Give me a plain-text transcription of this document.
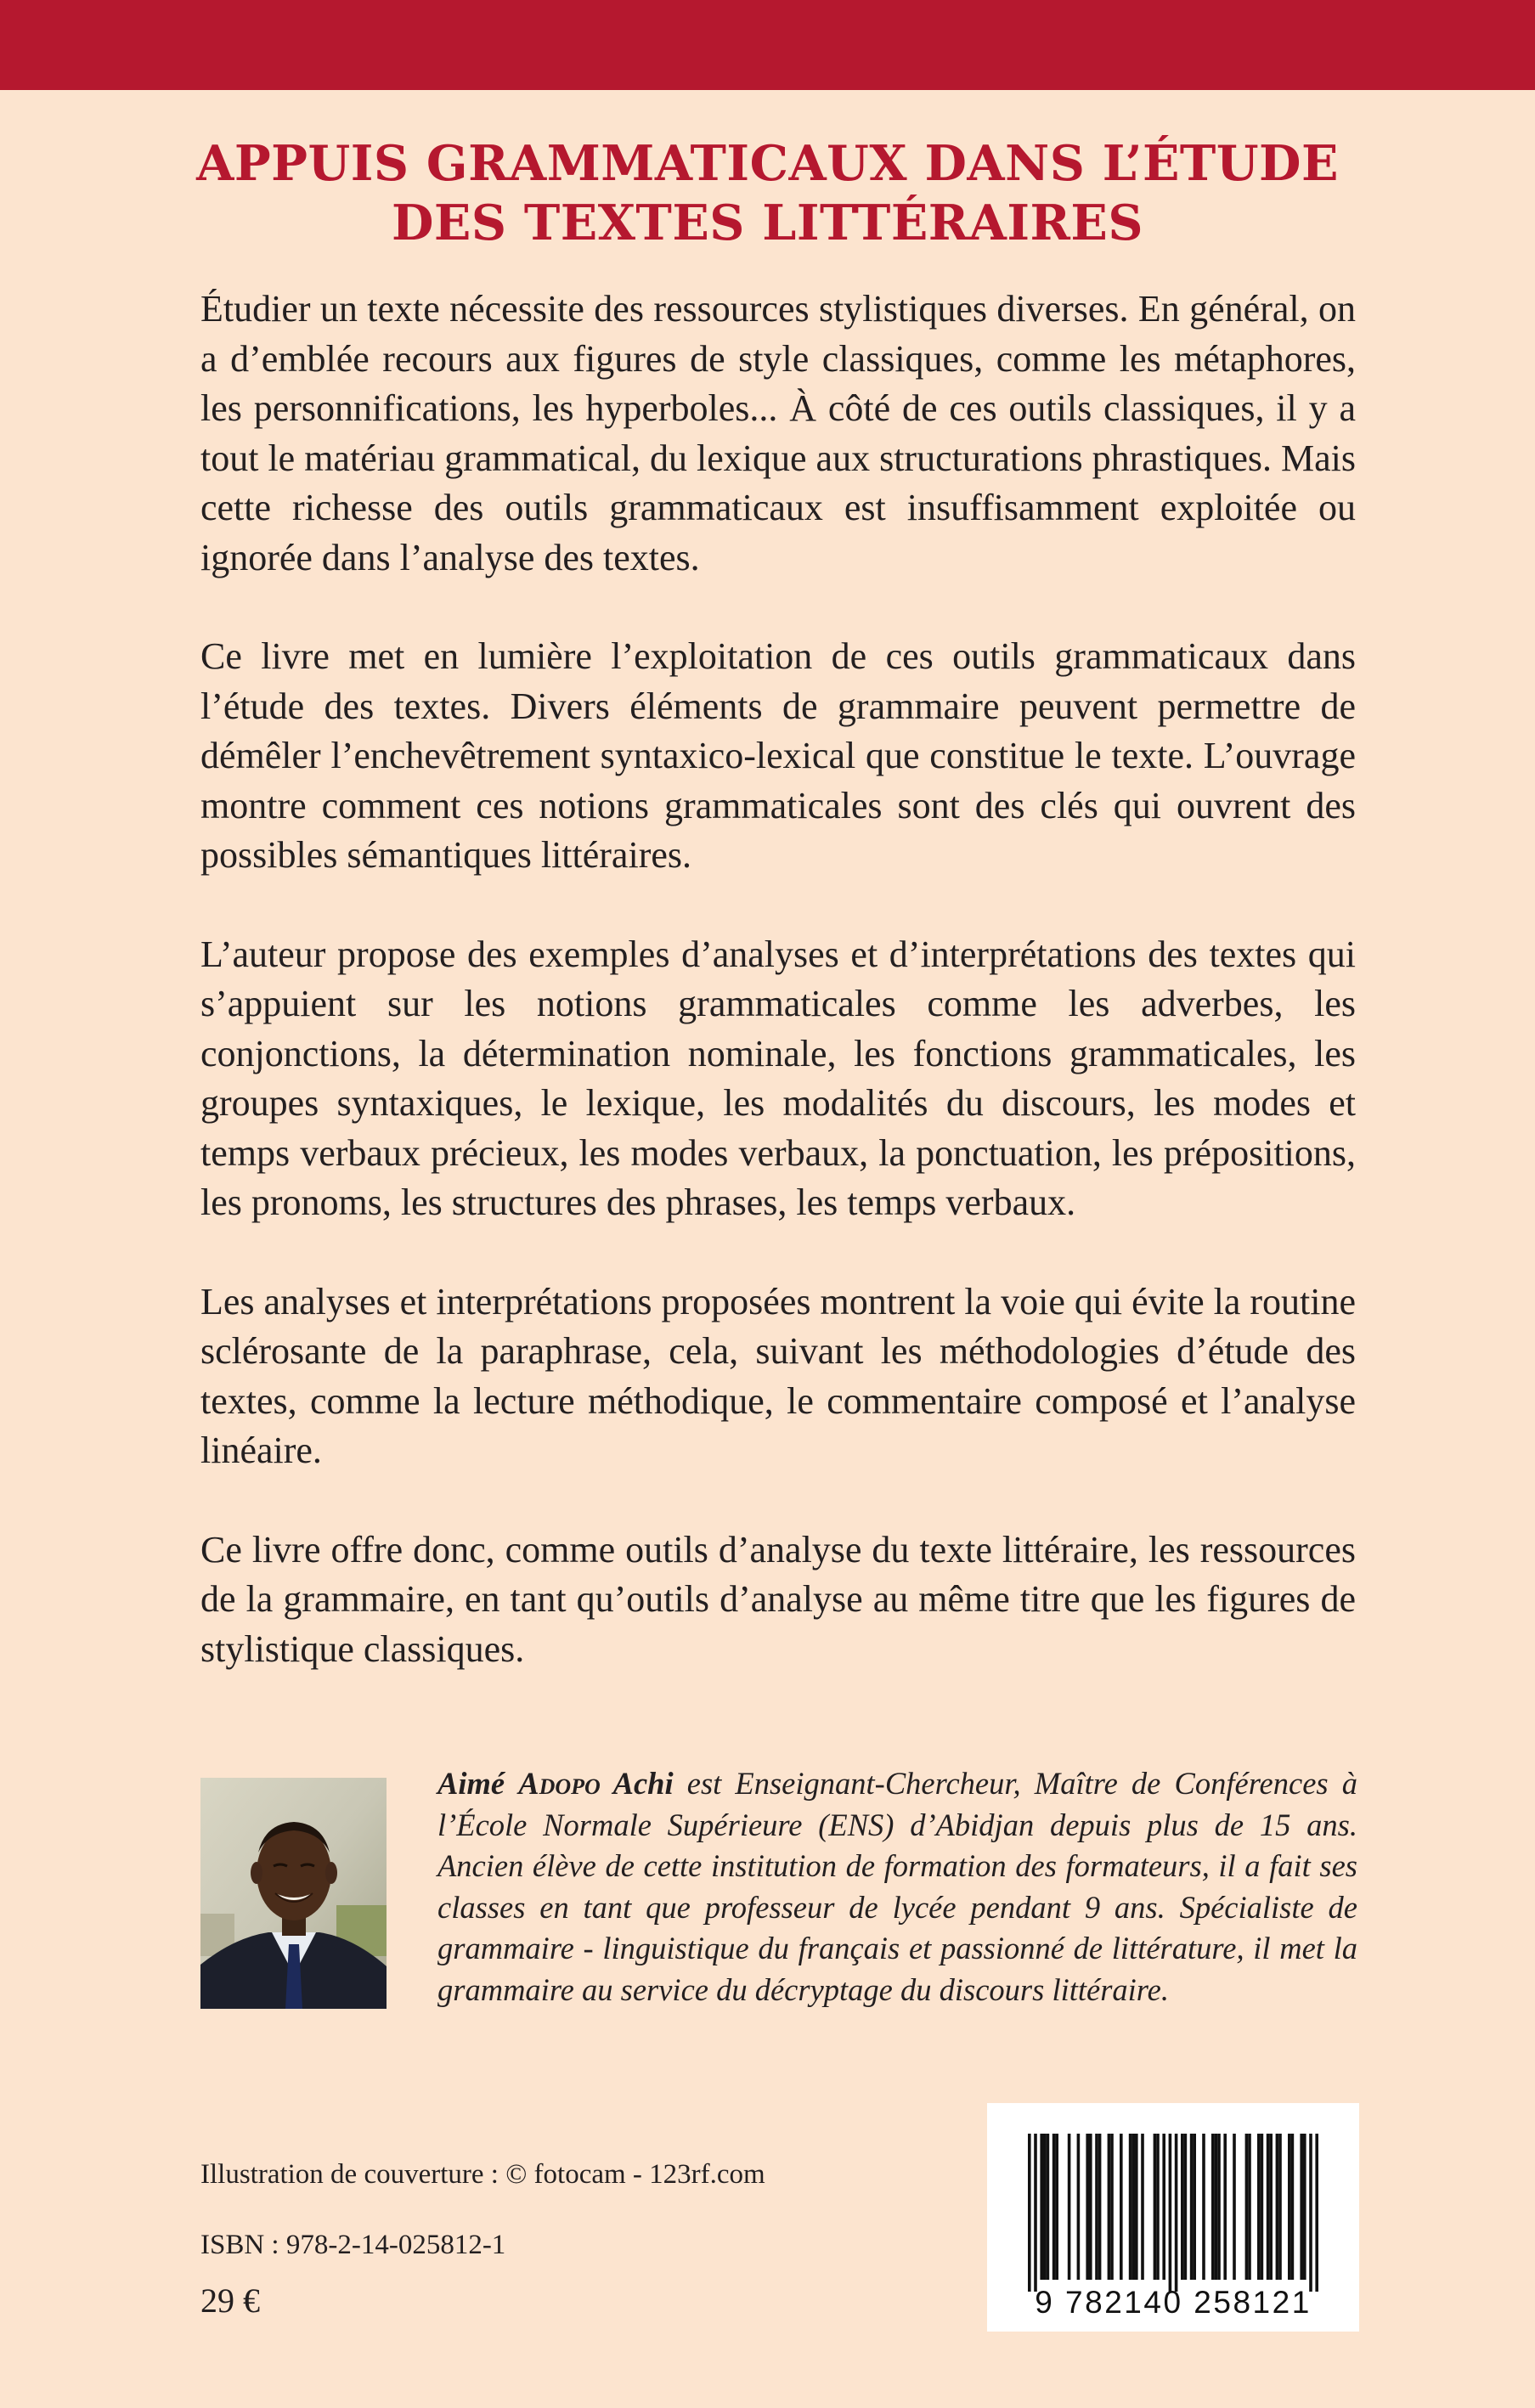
APPUIS GRAMMATICAUX DANS L’ÉTUDE
DES TEXTES LITTÉRAIRES

Étudier un texte nécessite des ressources stylistiques diverses. En général, on a d’emblée recours aux figures de style classiques, comme les métaphores, les personnifications, les hyperboles... À côté de ces outils classiques, il y a tout le matériau grammatical, du lexique aux structurations phrastiques. Mais cette richesse des outils grammaticaux est insuffisamment exploitée ou ignorée dans l’analyse des textes.

Ce livre met en lumière l’exploitation de ces outils grammaticaux dans l’étude des textes. Divers éléments de grammaire peuvent permettre de démêler l’enchevêtrement syntaxico-lexical que constitue le texte. L’ouvrage montre comment ces notions grammaticales sont des clés qui ouvrent des possibles sémantiques littéraires.

L’auteur propose des exemples d’analyses et d’interprétations des textes qui s’appuient sur les notions grammaticales comme les adverbes, les conjonctions, la détermination nominale, les fonctions grammaticales, les groupes syntaxiques, le lexique, les modalités du discours, les modes et temps verbaux précieux, les modes verbaux, la ponctuation, les prépositions, les pronoms, les structures des phrases, les temps verbaux.

Les analyses et interprétations proposées montrent la voie qui évite la routine sclérosante de la paraphrase, cela, suivant les méthodologies d’étude des textes, comme la lecture méthodique, le commentaire composé et l’analyse linéaire.

Ce livre offre donc, comme outils d’analyse du texte littéraire, les ressources de la grammaire, en tant qu’outils d’analyse au même titre que les figures de stylistique classiques.

Aimé Adopo Achi est Enseignant-Chercheur, Maître de Conférences à l’École Normale Supérieure (ENS) d’Abidjan depuis plus de 15 ans. Ancien élève de cette institution de formation des formateurs, il a fait ses classes en tant que professeur de lycée pendant 9 ans. Spécialiste de grammaire - linguistique du français et passionné de littérature, il met la grammaire au service du décryptage du discours littéraire.

Illustration de couverture : © fotocam - 123rf.com

ISBN : 978-2-14-025812-1

29 €	9 782140 258121
